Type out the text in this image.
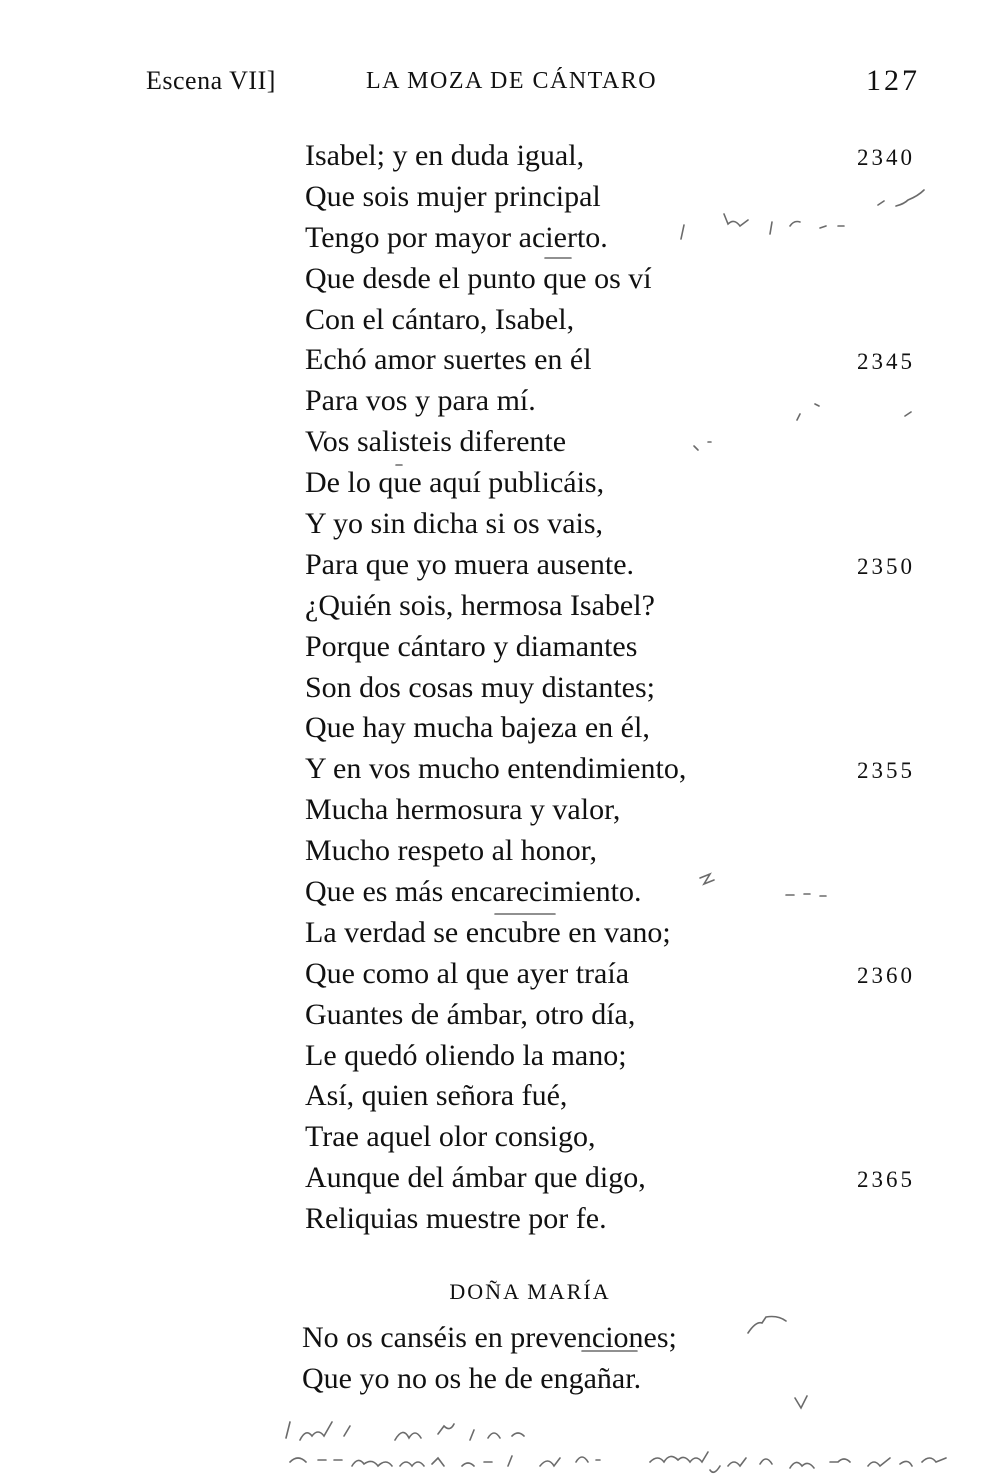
Escena VII]	LA MOZA DE CÁNTARO	127
Isabel; y en duda igual,	2340
Que sois mujer principal
Tengo por mayor acierto.
Que desde el punto que os ví
Con el cántaro, Isabel,
Echó amor suertes en él	2345
Para vos y para mí.
Vos salisteis diferente
De lo que aquí publicáis,
Y yo sin dicha si os vais,
Para que yo muera ausente.	2350
¿Quién sois, hermosa Isabel?
Porque cántaro y diamantes
Son dos cosas muy distantes;
Que hay mucha bajeza en él,
Y en vos mucho entendimiento,	2355
Mucha hermosura y valor,
Mucho respeto al honor,
Que es más encarecimiento.
La verdad se encubre en vano;
Que como al que ayer traía	2360
Guantes de ámbar, otro día,
Le quedó oliendo la mano;
Así, quien señora fué,
Trae aquel olor consigo,
Aunque del ámbar que digo,	2365
Reliquias muestre por fe.
DOÑA MARÍA
No os canséis en prevenciones;
Que yo no os he de engañar.
